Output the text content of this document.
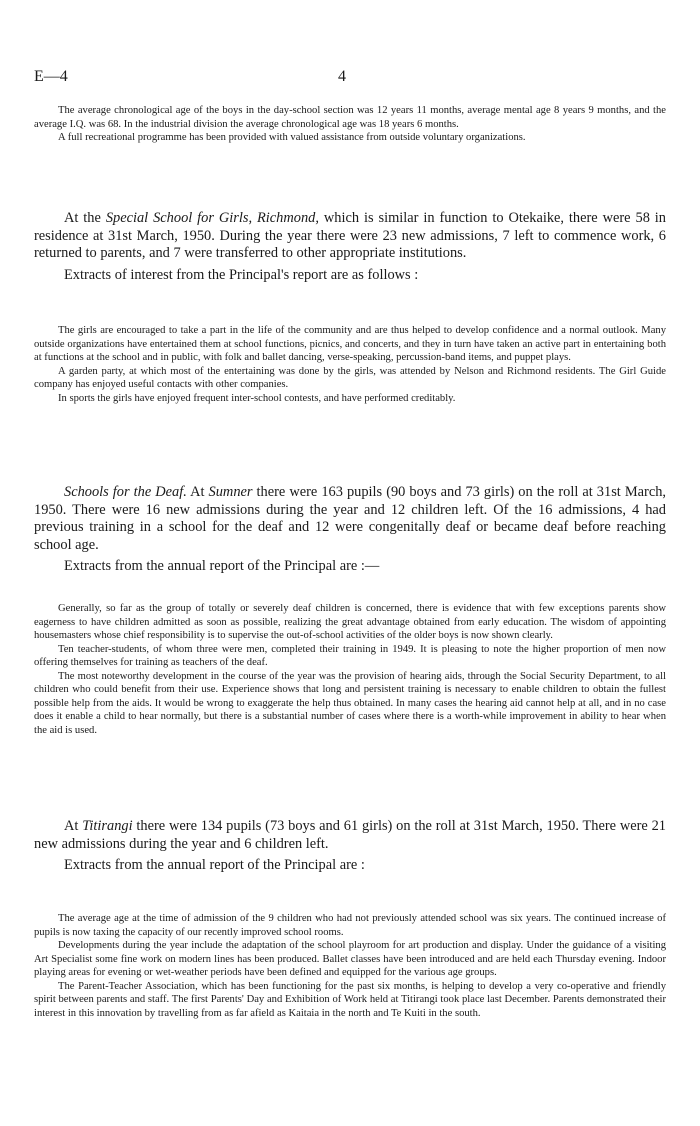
E—4	4

The average chronological age of the boys in the day-school section was 12 years 11 months, average mental age 8 years 9 months, and the average I.Q. was 68. In the industrial division the average chronological age was 18 years 6 months.

A full recreational programme has been provided with valued assistance from outside voluntary organizations.

At the Special School for Girls, Richmond, which is similar in function to Otekaike, there were 58 in residence at 31st March, 1950. During the year there were 23 new admissions, 7 left to commence work, 6 returned to parents, and 7 were transferred to other appropriate institutions.

Extracts of interest from the Principal's report are as follows :

The girls are encouraged to take a part in the life of the community and are thus helped to develop confidence and a normal outlook. Many outside organizations have entertained them at school functions, picnics, and concerts, and they in turn have taken an active part in entertaining both at functions at the school and in public, with folk and ballet dancing, verse-speaking, percussion-band items, and puppet plays.

A garden party, at which most of the entertaining was done by the girls, was attended by Nelson and Richmond residents. The Girl Guide company has enjoyed useful contacts with other companies.

In sports the girls have enjoyed frequent inter-school contests, and have performed creditably.

Schools for the Deaf. At Sumner there were 163 pupils (90 boys and 73 girls) on the roll at 31st March, 1950. There were 16 new admissions during the year and 12 children left. Of the 16 admissions, 4 had previous training in a school for the deaf and 12 were congenitally deaf or became deaf before reaching school age.

Extracts from the annual report of the Principal are :—

Generally, so far as the group of totally or severely deaf children is concerned, there is evidence that with few exceptions parents show eagerness to have children admitted as soon as possible, realizing the great advantage obtained from early education. The wisdom of appointing housemasters whose chief responsibility is to supervise the out-of-school activities of the older boys is now shown clearly.

Ten teacher-students, of whom three were men, completed their training in 1949. It is pleasing to note the higher proportion of men now offering themselves for training as teachers of the deaf.

The most noteworthy development in the course of the year was the provision of hearing aids, through the Social Security Department, to all children who could benefit from their use. Experience shows that long and persistent training is necessary to enable children to obtain the fullest possible help from the aids. It would be wrong to exaggerate the help thus obtained. In many cases the hearing aid cannot help at all, and in no case does it enable a child to hear normally, but there is a substantial number of cases where there is a worth-while improvement in ability to hear when the aid is used.

At Titirangi there were 134 pupils (73 boys and 61 girls) on the roll at 31st March, 1950. There were 21 new admissions during the year and 6 children left.

Extracts from the annual report of the Principal are :

The average age at the time of admission of the 9 children who had not previously attended school was six years. The continued increase of pupils is now taxing the capacity of our recently improved school rooms.

Developments during the year include the adaptation of the school playroom for art production and display. Under the guidance of a visiting Art Specialist some fine work on modern lines has been produced. Ballet classes have been introduced and are held each Thursday evening. Indoor playing areas for evening or wet-weather periods have been defined and equipped for the various age groups.

The Parent-Teacher Association, which has been functioning for the past six months, is helping to develop a very co-operative and friendly spirit between parents and staff. The first Parents' Day and Exhibition of Work held at Titirangi took place last December. Parents demonstrated their interest in this innovation by travelling from as far afield as Kaitaia in the north and Te Kuiti in the south.
